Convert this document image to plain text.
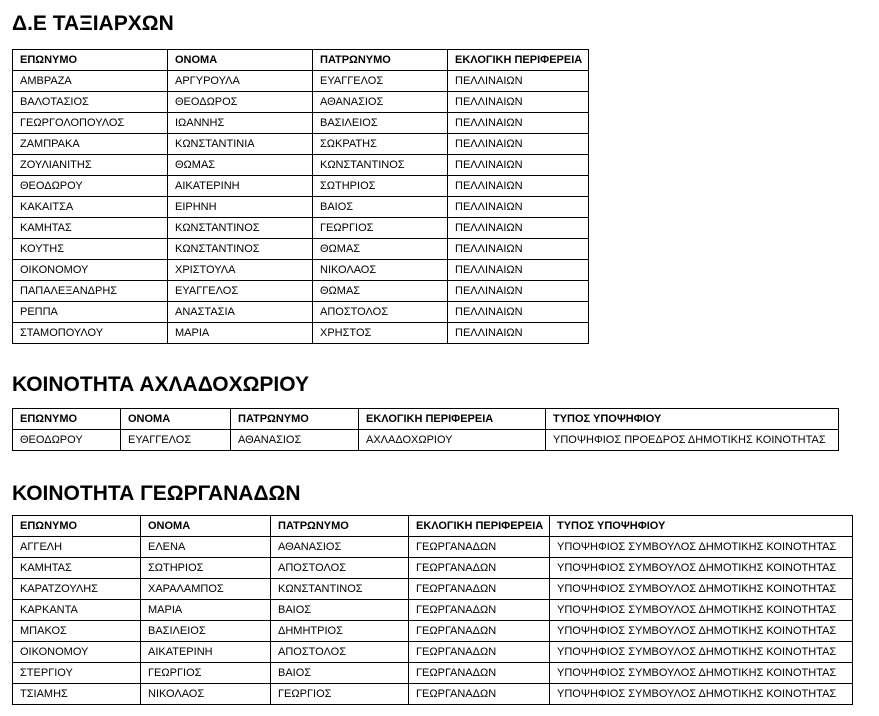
Δ.Ε ΤΑΞΙΑΡΧΩΝ
ΕΠΩΝΥΜΟ	ΟΝΟΜΑ	ΠΑΤΡΩΝΥΜΟ	ΕΚΛΟΓΙΚΗ ΠΕΡΙΦΕΡΕΙΑ
ΑΜΒΡΑΖΑ	ΑΡΓΥΡΟΥΛΑ	ΕΥΑΓΓΕΛΟΣ	ΠΕΛΛΙΝΑΙΩΝ
ΒΑΛΟΤΑΣΙΟΣ	ΘΕΟΔΩΡΟΣ	ΑΘΑΝΑΣΙΟΣ	ΠΕΛΛΙΝΑΙΩΝ
ΓΕΩΡΓΟΛΟΠΟΥΛΟΣ	ΙΩΑΝΝΗΣ	ΒΑΣΙΛΕΙΟΣ	ΠΕΛΛΙΝΑΙΩΝ
ΖΑΜΠΡΑΚΑ	ΚΩΝΣΤΑΝΤΙΝΙΑ	ΣΩΚΡΑΤΗΣ	ΠΕΛΛΙΝΑΙΩΝ
ΖΟΥΛΙΑΝΙΤΗΣ	ΘΩΜΑΣ	ΚΩΝΣΤΑΝΤΙΝΟΣ	ΠΕΛΛΙΝΑΙΩΝ
ΘΕΟΔΩΡΟΥ	ΑΙΚΑΤΕΡΙΝΗ	ΣΩΤΗΡΙΟΣ	ΠΕΛΛΙΝΑΙΩΝ
ΚΑΚΑΙΤΣΑ	ΕΙΡΗΝΗ	ΒΑΙΟΣ	ΠΕΛΛΙΝΑΙΩΝ
ΚΑΜΗΤΑΣ	ΚΩΝΣΤΑΝΤΙΝΟΣ	ΓΕΩΡΓΙΟΣ	ΠΕΛΛΙΝΑΙΩΝ
ΚΟΥΤΗΣ	ΚΩΝΣΤΑΝΤΙΝΟΣ	ΘΩΜΑΣ	ΠΕΛΛΙΝΑΙΩΝ
ΟΙΚΟΝΟΜΟΥ	ΧΡΙΣΤΟΥΛΑ	ΝΙΚΟΛΑΟΣ	ΠΕΛΛΙΝΑΙΩΝ
ΠΑΠΑΛΕΞΑΝΔΡΗΣ	ΕΥΑΓΓΕΛΟΣ	ΘΩΜΑΣ	ΠΕΛΛΙΝΑΙΩΝ
ΡΕΠΠΑ	ΑΝΑΣΤΑΣΙΑ	ΑΠΟΣΤΟΛΟΣ	ΠΕΛΛΙΝΑΙΩΝ
ΣΤΑΜΟΠΟΥΛΟΥ	ΜΑΡΙΑ	ΧΡΗΣΤΟΣ	ΠΕΛΛΙΝΑΙΩΝ
ΚΟΙΝΟΤΗΤΑ ΑΧΛΑΔΟΧΩΡΙΟΥ
ΕΠΩΝΥΜΟ	ΟΝΟΜΑ	ΠΑΤΡΩΝΥΜΟ	ΕΚΛΟΓΙΚΗ ΠΕΡΙΦΕΡΕΙΑ	ΤΥΠΟΣ ΥΠΟΨΗΦΙΟΥ
ΘΕΟΔΩΡΟΥ	ΕΥΑΓΓΕΛΟΣ	ΑΘΑΝΑΣΙΟΣ	ΑΧΛΑΔΟΧΩΡΙΟΥ	ΥΠΟΨΗΦΙΟΣ ΠΡΟΕΔΡΟΣ ΔΗΜΟΤΙΚΗΣ ΚΟΙΝΟΤΗΤΑΣ
ΚΟΙΝΟΤΗΤΑ ΓΕΩΡΓΑΝΑΔΩΝ
ΕΠΩΝΥΜΟ	ΟΝΟΜΑ	ΠΑΤΡΩΝΥΜΟ	ΕΚΛΟΓΙΚΗ ΠΕΡΙΦΕΡΕΙΑ	ΤΥΠΟΣ ΥΠΟΨΗΦΙΟΥ
ΑΓΓΕΛΗ	ΕΛΕΝΑ	ΑΘΑΝΑΣΙΟΣ	ΓΕΩΡΓΑΝΑΔΩΝ	ΥΠΟΨΗΦΙΟΣ ΣΥΜΒΟΥΛΟΣ ΔΗΜΟΤΙΚΗΣ ΚΟΙΝΟΤΗΤΑΣ
ΚΑΜΗΤΑΣ	ΣΩΤΗΡΙΟΣ	ΑΠΟΣΤΟΛΟΣ	ΓΕΩΡΓΑΝΑΔΩΝ	ΥΠΟΨΗΦΙΟΣ ΣΥΜΒΟΥΛΟΣ ΔΗΜΟΤΙΚΗΣ ΚΟΙΝΟΤΗΤΑΣ
ΚΑΡΑΤΖΟΥΛΗΣ	ΧΑΡΑΛΑΜΠΟΣ	ΚΩΝΣΤΑΝΤΙΝΟΣ	ΓΕΩΡΓΑΝΑΔΩΝ	ΥΠΟΨΗΦΙΟΣ ΣΥΜΒΟΥΛΟΣ ΔΗΜΟΤΙΚΗΣ ΚΟΙΝΟΤΗΤΑΣ
ΚΑΡΚΑΝΤΑ	ΜΑΡΙΑ	ΒΑΙΟΣ	ΓΕΩΡΓΑΝΑΔΩΝ	ΥΠΟΨΗΦΙΟΣ ΣΥΜΒΟΥΛΟΣ ΔΗΜΟΤΙΚΗΣ ΚΟΙΝΟΤΗΤΑΣ
ΜΠΑΚΟΣ	ΒΑΣΙΛΕΙΟΣ	ΔΗΜΗΤΡΙΟΣ	ΓΕΩΡΓΑΝΑΔΩΝ	ΥΠΟΨΗΦΙΟΣ ΣΥΜΒΟΥΛΟΣ ΔΗΜΟΤΙΚΗΣ ΚΟΙΝΟΤΗΤΑΣ
ΟΙΚΟΝΟΜΟΥ	ΑΙΚΑΤΕΡΙΝΗ	ΑΠΟΣΤΟΛΟΣ	ΓΕΩΡΓΑΝΑΔΩΝ	ΥΠΟΨΗΦΙΟΣ ΣΥΜΒΟΥΛΟΣ ΔΗΜΟΤΙΚΗΣ ΚΟΙΝΟΤΗΤΑΣ
ΣΤΕΡΓΙΟΥ	ΓΕΩΡΓΙΟΣ	ΒΑΙΟΣ	ΓΕΩΡΓΑΝΑΔΩΝ	ΥΠΟΨΗΦΙΟΣ ΣΥΜΒΟΥΛΟΣ ΔΗΜΟΤΙΚΗΣ ΚΟΙΝΟΤΗΤΑΣ
ΤΣΙΑΜΗΣ	ΝΙΚΟΛΑΟΣ	ΓΕΩΡΓΙΟΣ	ΓΕΩΡΓΑΝΑΔΩΝ	ΥΠΟΨΗΦΙΟΣ ΣΥΜΒΟΥΛΟΣ ΔΗΜΟΤΙΚΗΣ ΚΟΙΝΟΤΗΤΑΣ
